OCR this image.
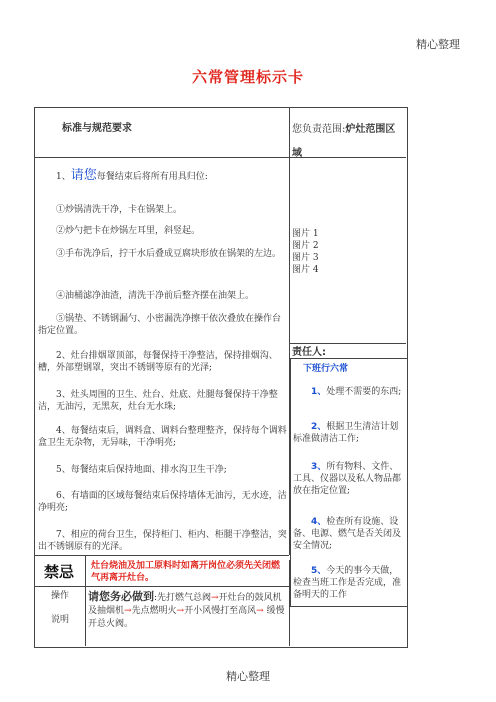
精心整理
六常管理标示卡
标准与规范要求	您负责范围:炉灶范围区域
1、请您每餐结束后将所有用具归位:
①炒锅清洗干净，卡在锅架上。
②炒勺把卡在炒锅左耳里，斜竖起。
③手布洗净后，拧干水后叠成豆腐块形放在锅架的左边。
④油桶滤净油渣，清洗干净前后整齐摆在油架上。
⑤锅垫、不锈钢漏勺、小密漏洗净擦干依次叠放在操作台指定位置。
2、灶台排烟罩顶部，每餐保持干净整洁，保持排烟沟、槽，外部塑钢罩，突出不锈钢等原有的光泽;
3、灶头周围的卫生、灶台、灶底、灶腿每餐保持干净整洁，无油污，无黑灰，灶台无水珠;
4、每餐结束后，调料盒、调料台整理整齐，保持每个调料盒卫生无杂物，无异味，干净明亮;
5、每餐结束后保持地面、排水沟卫生干净;
6、有墙面的区域每餐结束后保持墙体无油污，无水迹，洁净明亮;
7、相应的荷台卫生，保持柜门、柜内、柜腿干净整洁，突出不锈钢原有的光泽。
图片 1
图片 2
图片 3
图片 4
责任人:
下班行六常
1、处理不需要的东西;
2、根据卫生清洁计划标准做清洁工作;
3、所有物料、文件、工具、仪器以及私人物品都放在指定位置;
4、检查所有设施、设备、电源、燃气是否关闭及安全情况;
5、今天的事今天做，检查当班工作是否完成，准备明天的工作
禁忌 灶台烧油及加工原料时如离开岗位必须先关闭燃气再离开灶台。
操作
说明
请您务必做到:先打燃气总阀→开灶台的鼓风机及抽烟机→先点燃明火→开小风慢打至高风→ 缓慢开总火阀。
精心整理
